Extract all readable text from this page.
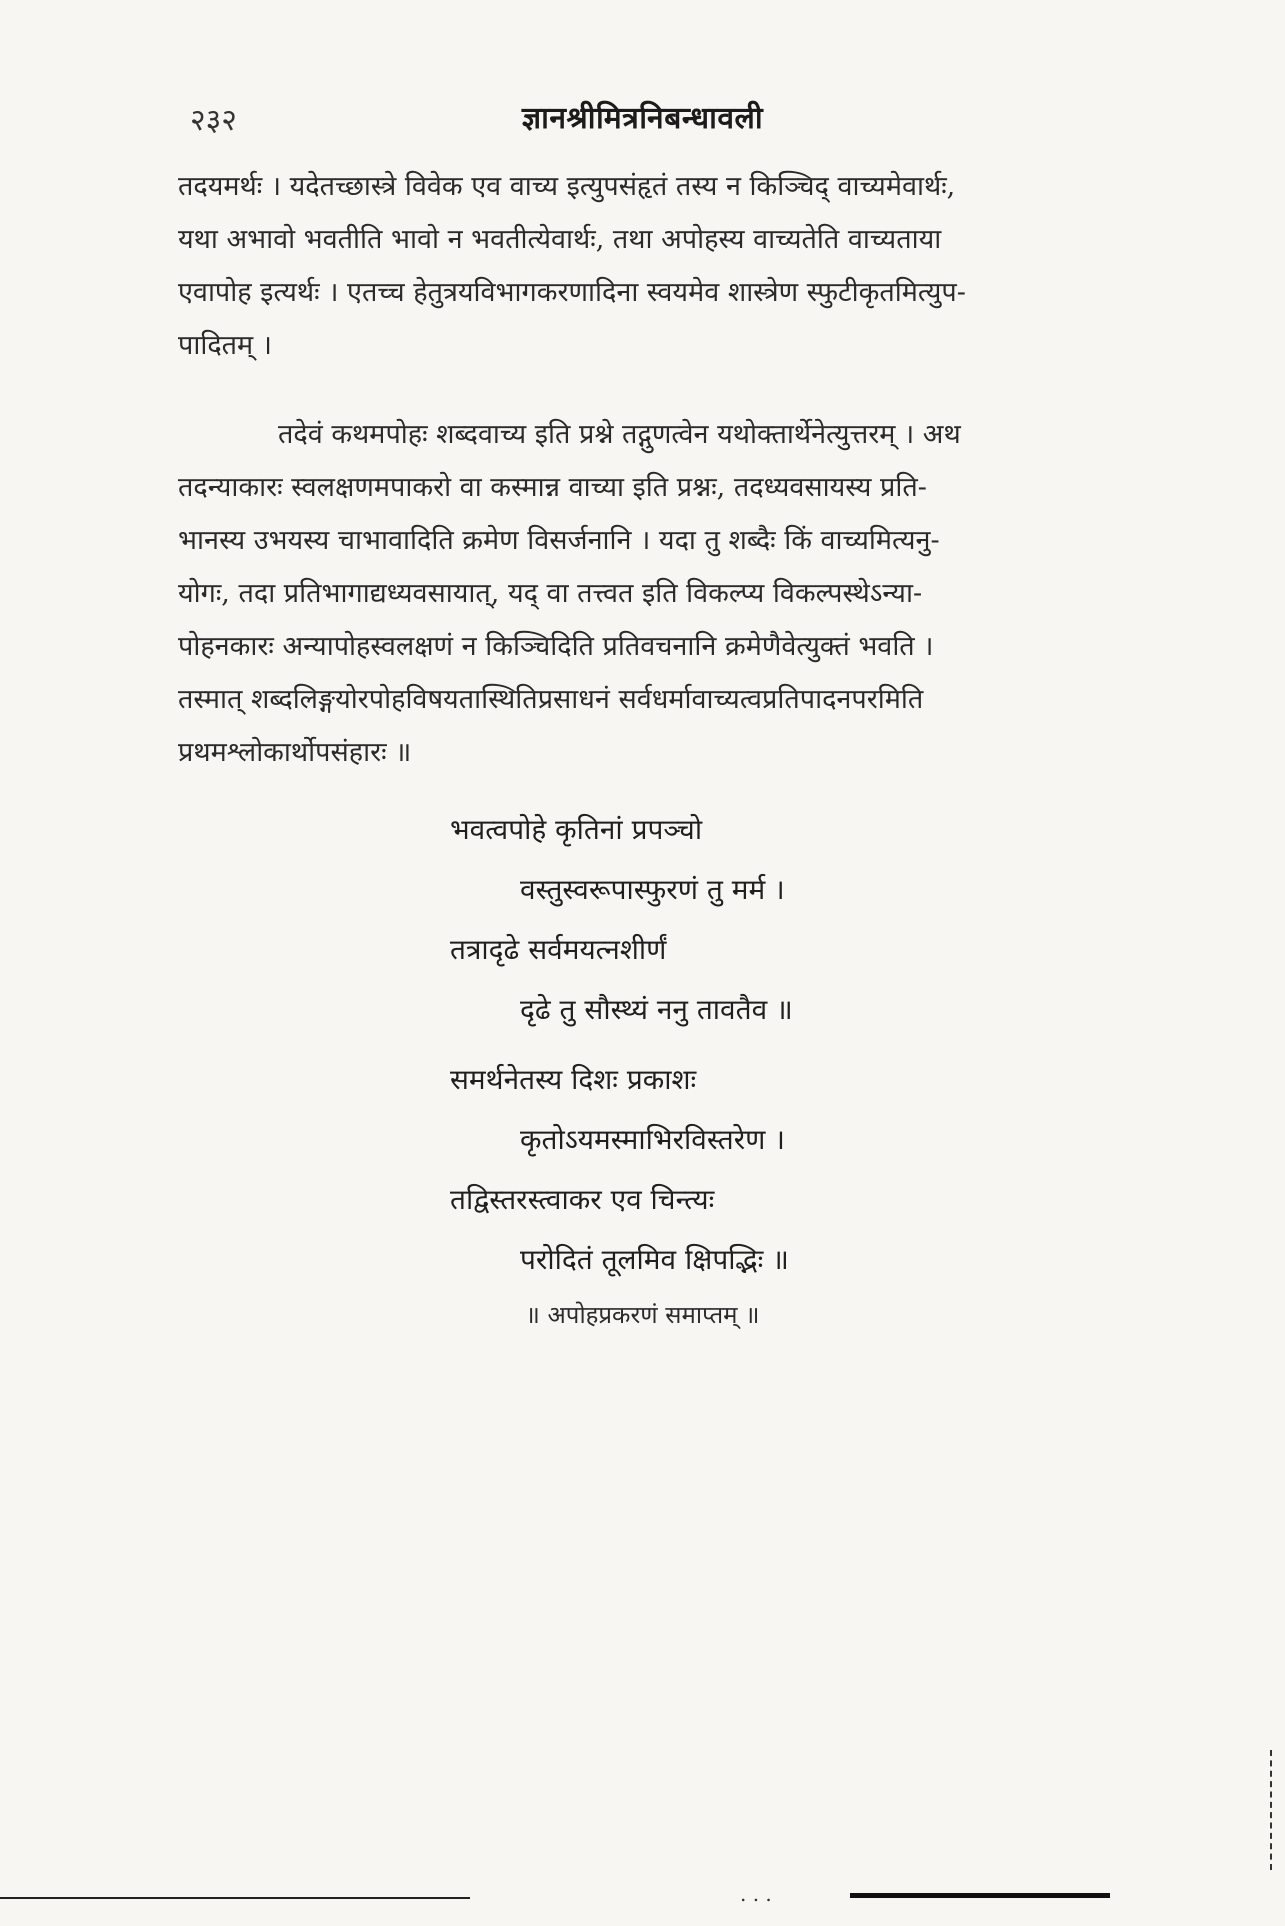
२३२	ज्ञानश्रीमित्रनिबन्धावली
तदयमर्थः । यदेतच्छास्त्रे विवेक एव वाच्य इत्युपसंहृतं तस्य न किञ्चिद् वाच्यमेवार्थः,
यथा अभावो भवतीति भावो न भवतीत्येवार्थः, तथा अपोहस्य वाच्यतेति वाच्यताया
एवापोह इत्यर्थः । एतच्च हेतुत्रयविभागकरणादिना स्वयमेव शास्त्रेण स्फुटीकृतमित्युप-
पादितम् ।
तदेवं कथमपोहः शब्दवाच्य इति प्रश्ने तद्गुणत्वेन यथोक्तार्थेनेत्युत्तरम् । अथ
तदन्याकारः स्वलक्षणमपाकरो वा कस्मान्न वाच्या इति प्रश्नः, तदध्यवसायस्य प्रति-
भानस्य उभयस्य चाभावादिति क्रमेण विसर्जनानि । यदा तु शब्दैः किं वाच्यमित्यनु-
योगः, तदा प्रतिभागाद्यध्यवसायात्, यद् वा तत्त्वत इति विकल्प्य विकल्पस्थेऽन्या-
पोहनकारः अन्यापोहस्वलक्षणं न किञ्चिदिति प्रतिवचनानि क्रमेणैवेत्युक्तं भवति ।
तस्मात् शब्दलिङ्गयोरपोहविषयतास्थितिप्रसाधनं सर्वधर्मावाच्यत्वप्रतिपादनपरमिति
प्रथमश्लोकार्थोपसंहारः ॥
भवत्वपोहे कृतिनां प्रपञ्चो
वस्तुस्वरूपास्फुरणं तु मर्म ।
तत्रादृढे सर्वमयत्नशीर्णं
दृढे तु सौस्थ्यं ननु तावतैव ॥
समर्थनेतस्य दिशः प्रकाशः
कृतोऽयमस्माभिरविस्तरेण ।
तद्विस्तरस्त्वाकर एव चिन्त्यः
परोदितं तूलमिव क्षिपद्भिः ॥
॥ अपोहप्रकरणं समाप्तम् ॥
. . .
